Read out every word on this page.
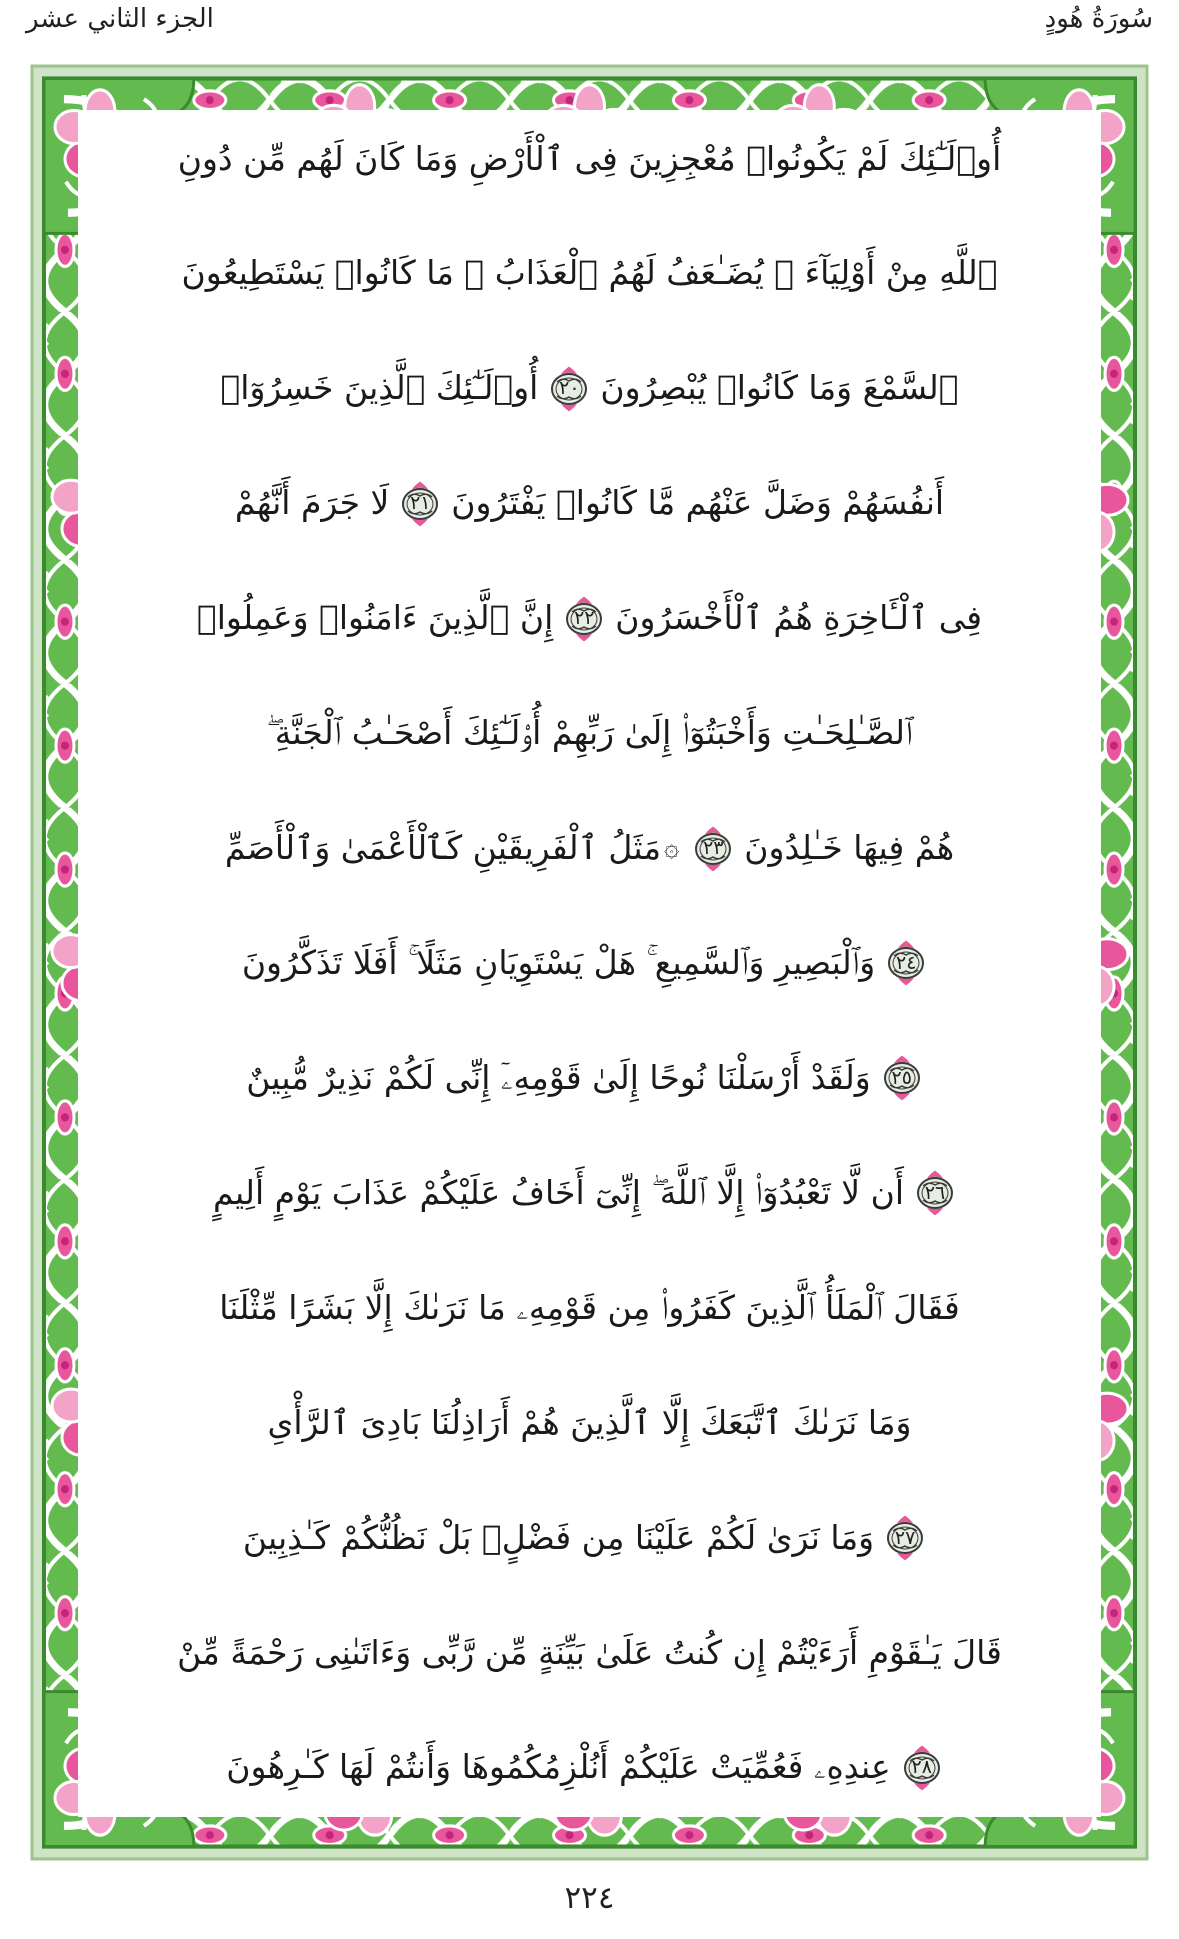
سُورَةُ هُودٍ
الجزء الثاني عشر
أُو۟لَـٰٓئِكَ لَمْ يَكُونُوا۟ مُعْجِزِينَ فِى ٱلْأَرْضِ وَمَا كَانَ لَهُم مِّن دُونِ
ٱللَّهِ مِنْ أَوْلِيَآءَ ۘ يُضَـٰعَفُ لَهُمُ ٱلْعَذَابُ ۚ مَا كَانُوا۟ يَسْتَطِيعُونَ
ٱلسَّمْعَ وَمَا كَانُوا۟ يُبْصِرُونَ
٢٠
أُو۟لَـٰٓئِكَ ٱلَّذِينَ خَسِرُوٓا۟
أَنفُسَهُمْ وَضَلَّ عَنْهُم مَّا كَانُوا۟ يَفْتَرُونَ
٢١
لَا جَرَمَ أَنَّهُمْ
فِى ٱلْـَٔاخِرَةِ هُمُ ٱلْأَخْسَرُونَ
٢٢
إِنَّ ٱلَّذِينَ ءَامَنُوا۟ وَعَمِلُوا۟
ٱلصَّـٰلِحَـٰتِ وَأَخْبَتُوٓا۟ إِلَىٰ رَبِّهِمْ أُو۟لَـٰٓئِكَ أَصْحَـٰبُ ٱلْجَنَّةِ ۖ
هُمْ فِيهَا خَـٰلِدُونَ
٢٣
۞
مَثَلُ ٱلْفَرِيقَيْنِ كَٱلْأَعْمَىٰ وَٱلْأَصَمِّ
٢٤
وَٱلْبَصِيرِ وَٱلسَّمِيعِ ۚ هَلْ يَسْتَوِيَانِ مَثَلًا ۚ أَفَلَا تَذَكَّرُونَ
٢٥
وَلَقَدْ أَرْسَلْنَا نُوحًا إِلَىٰ قَوْمِهِۦٓ إِنِّى لَكُمْ نَذِيرٌ مُّبِينٌ
٢٦
أَن لَّا تَعْبُدُوٓا۟ إِلَّا ٱللَّهَ ۖ إِنِّىٓ أَخَافُ عَلَيْكُمْ عَذَابَ يَوْمٍ أَلِيمٍ
فَقَالَ ٱلْمَلَأُ ٱلَّذِينَ كَفَرُوا۟ مِن قَوْمِهِۦ مَا نَرَىٰكَ إِلَّا بَشَرًا مِّثْلَنَا
وَمَا نَرَىٰكَ ٱتَّبَعَكَ إِلَّا ٱلَّذِينَ هُمْ أَرَاذِلُنَا بَادِىَ ٱلرَّأْىِ
٢٧
وَمَا نَرَىٰ لَكُمْ عَلَيْنَا مِن فَضْلٍۭ بَلْ نَظُنُّكُمْ كَـٰذِبِينَ
قَالَ يَـٰقَوْمِ أَرَءَيْتُمْ إِن كُنتُ عَلَىٰ بَيِّنَةٍ مِّن رَّبِّى وَءَاتَىٰنِى رَحْمَةً مِّنْ
٢٨
عِندِهِۦ فَعُمِّيَتْ عَلَيْكُمْ أَنُلْزِمُكُمُوهَا وَأَنتُمْ لَهَا كَـٰرِهُونَ
٢٢٤
